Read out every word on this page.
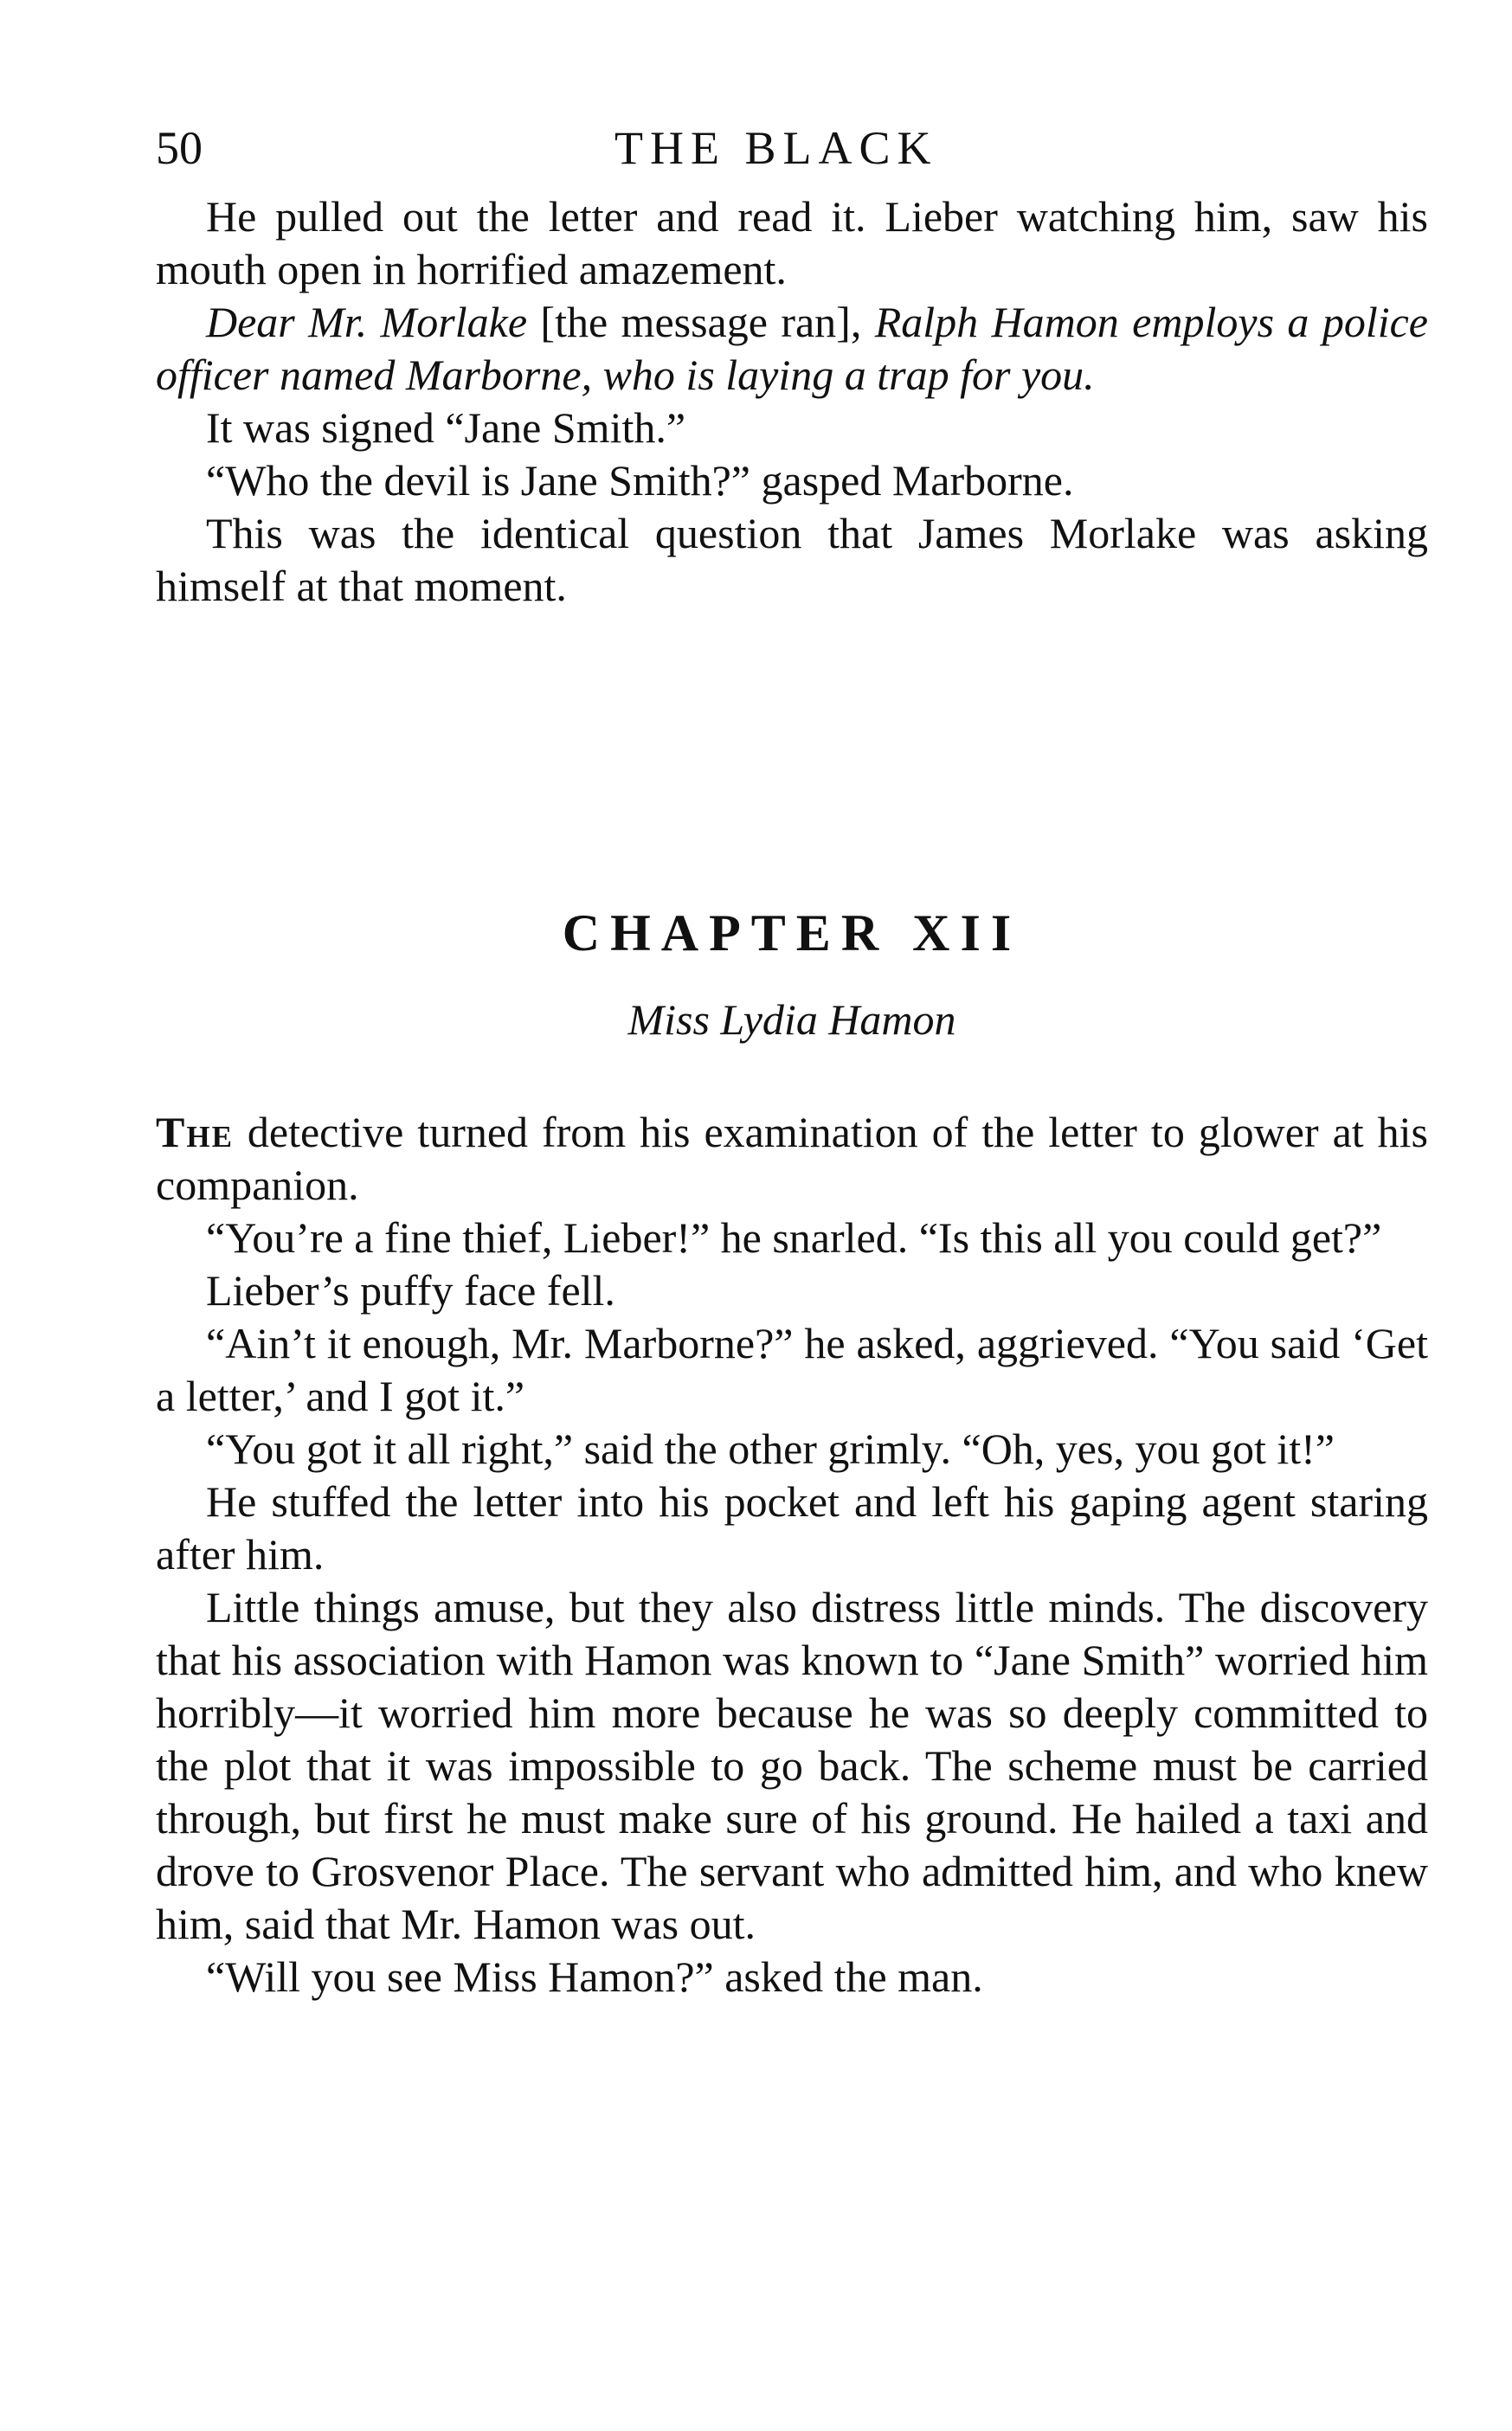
50	THE BLACK

He pulled out the letter and read it. Lieber watching him, saw his mouth open in horrified amazement.

Dear Mr. Morlake [the message ran], Ralph Hamon employs a police officer named Marborne, who is laying a trap for you.

It was signed “Jane Smith.”

“Who the devil is Jane Smith?” gasped Marborne.

This was the identical question that James Morlake was asking himself at that moment.

CHAPTER XII

Miss Lydia Hamon

The detective turned from his examination of the letter to glower at his companion.

“You’re a fine thief, Lieber!” he snarled. “Is this all you could get?”

Lieber’s puffy face fell.

“Ain’t it enough, Mr. Marborne?” he asked, aggrieved. “You said ‘Get a letter,’ and I got it.”

“You got it all right,” said the other grimly. “Oh, yes, you got it!”

He stuffed the letter into his pocket and left his gaping agent staring after him.

Little things amuse, but they also distress little minds. The discovery that his association with Hamon was known to “Jane Smith” worried him horribly—it worried him more because he was so deeply committed to the plot that it was impossible to go back. The scheme must be carried through, but first he must make sure of his ground. He hailed a taxi and drove to Grosvenor Place. The servant who admitted him, and who knew him, said that Mr. Hamon was out.

“Will you see Miss Hamon?” asked the man.
